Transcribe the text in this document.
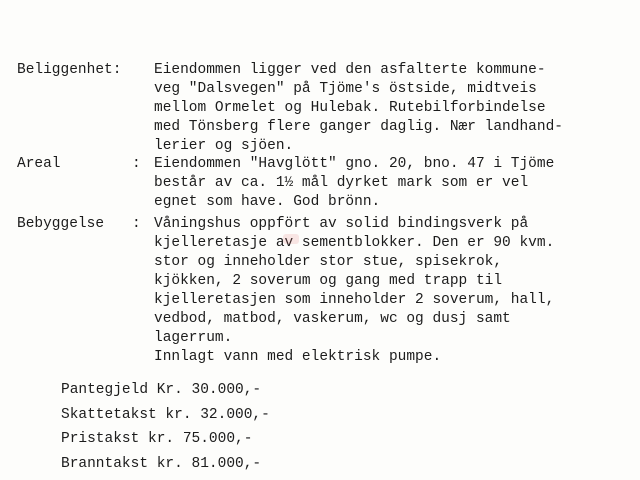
Beliggenhet: Eiendommen ligger ved den asfalterte kommune-
veg "Dalsvegen" på Tjöme's östside, midtveis
mellom Ormelet og Hulebak. Rutebilforbindelse
med Tönsberg flere ganger daglig. Nær landhand-
lerier og sjöen.
Areal	: Eiendommen "Havglött" gno. 20, bno. 47 i Tjöme
består av ca. 1½ mål dyrket mark som er vel
egnet som have. God brönn.
Bebyggelse : Våningshus oppfört av solid bindingsverk på
kjelleretasje av sementblokker. Den er 90 kvm.
stor og inneholder stor stue, spisekrok,
kjökken, 2 soverum og gang med trapp til
kjelleretasjen som inneholder 2 soverum, hall,
vedbod, matbod, vaskerum, wc og dusj samt
lagerrum.
Innlagt vann med elektrisk pumpe.
Pantegjeld Kr. 30.000,-
Skattetakst kr. 32.000,-
Pristakst kr. 75.000,-
Branntakst kr. 81.000,-
